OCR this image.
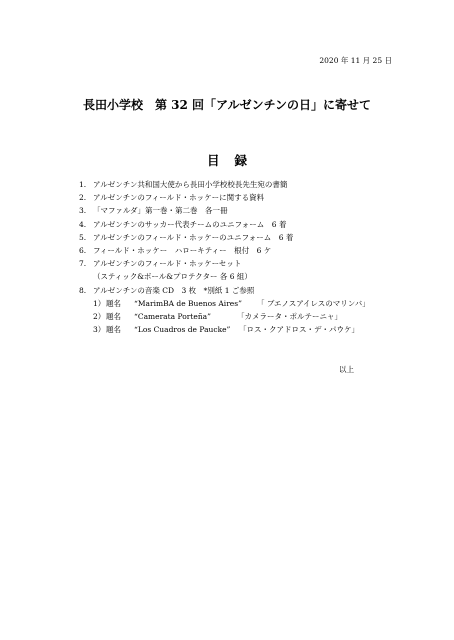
2020 年 11 月 25 日
長田小学校　第 32 回「アルゼンチンの日」に寄せて
目録
1. アルゼンチン共和国大使から長田小学校校長先生宛の書簡
2. アルゼンチンのフィールド・ホッケーに関する資料
3. 「マファルダ」第一巻・第二巻　各一冊
4. アルゼンチンのサッカー代表チームのユニフォーム　6 着
5. アルゼンチンのフィールド・ホッケーのユニフォーム　6 着
6. フィールド・ホッケー　ハローキティー　根付　6 ケ
7. アルゼンチンのフィールド・ホッケーセット
（スティック&ボール&プロテクター 各 6 組）
8. アルゼンチンの音楽 CD　3 枚　*別紙 1 ご参照
1） 題名 “MarimBA de Buenos Aires” 「 ブエノスアイレスのマリンバ」
2） 題名 “Camerata Porteña”	「カメラータ・ポルテーニャ」
3） 題名 “Los Cuadros de Paucke” 「ロス・クアドロス・デ・パウケ」
以上
